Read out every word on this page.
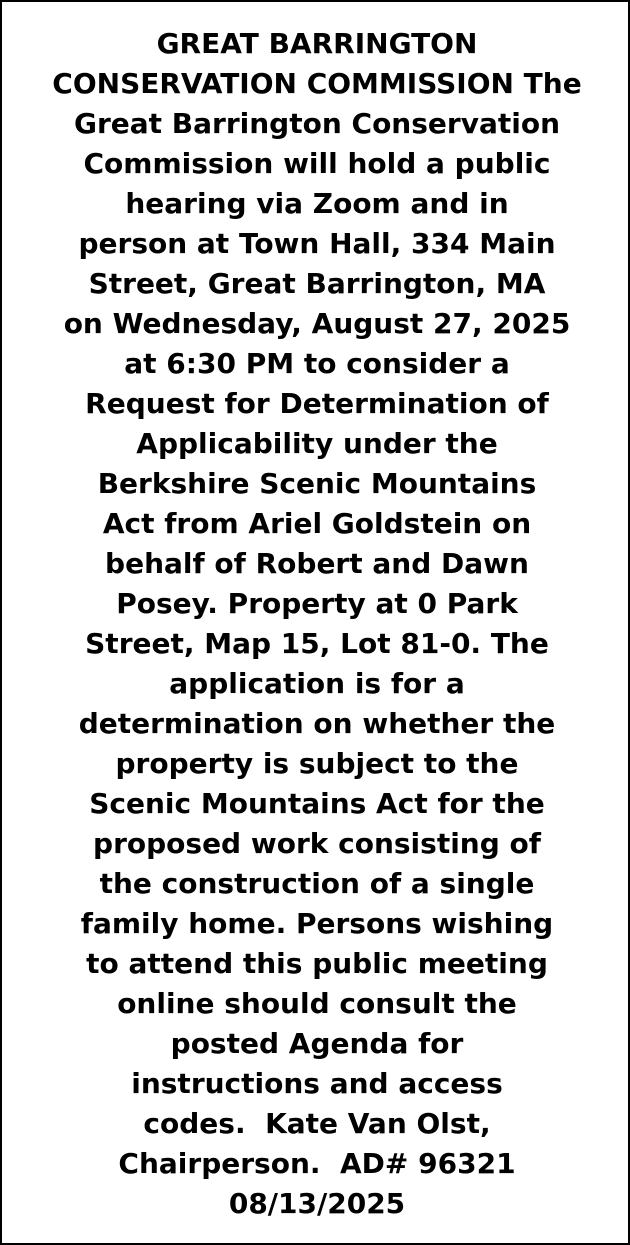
GREAT BARRINGTON
CONSERVATION COMMISSION The
Great Barrington Conservation
Commission will hold a public
hearing via Zoom and in
person at Town Hall, 334 Main
Street, Great Barrington, MA
on Wednesday, August 27, 2025
at 6:30 PM to consider a
Request for Determination of
Applicability under the
Berkshire Scenic Mountains
Act from Ariel Goldstein on
behalf of Robert and Dawn
Posey. Property at 0 Park
Street, Map 15, Lot 81-0. The
application is for a
determination on whether the
property is subject to the
Scenic Mountains Act for the
proposed work consisting of
the construction of a single
family home. Persons wishing
to attend this public meeting
online should consult the
posted Agenda for
instructions and access
codes.  Kate Van Olst,
Chairperson.  AD# 96321
08/13/2025
